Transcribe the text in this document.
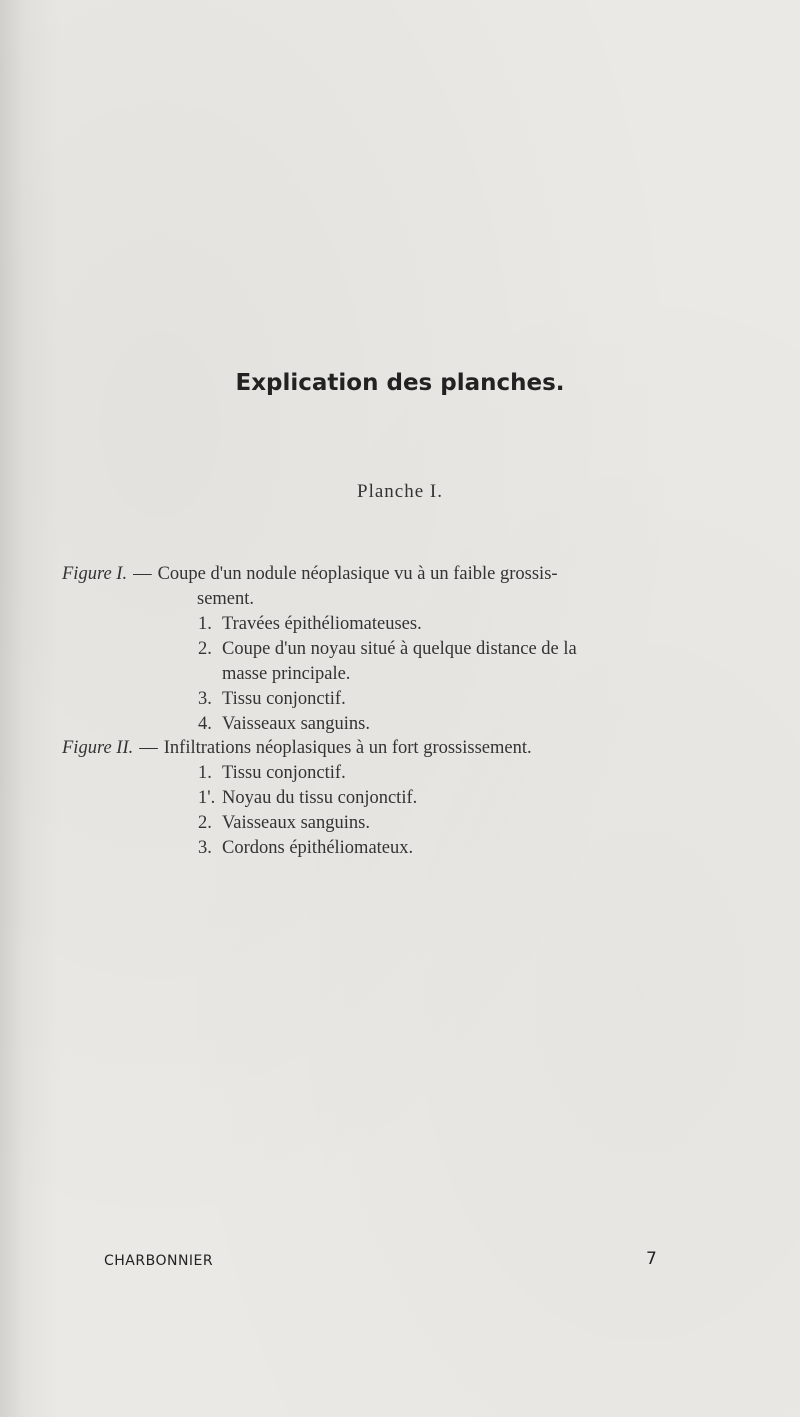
Explication des planches.
Planche I.
Figure I. — Coupe d'un nodule néoplasique vu à un faible grossis-
sement.
1. Travées épithéliomateuses.
2. Coupe d'un noyau situé à quelque distance de la
masse principale.
3. Tissu conjonctif.
4. Vaisseaux sanguins.
Figure II. — Infiltrations néoplasiques à un fort grossissement.
1. Tissu conjonctif.
1'. Noyau du tissu conjonctif.
2. Vaisseaux sanguins.
3. Cordons épithéliomateux.
CHARBONNIER	7
